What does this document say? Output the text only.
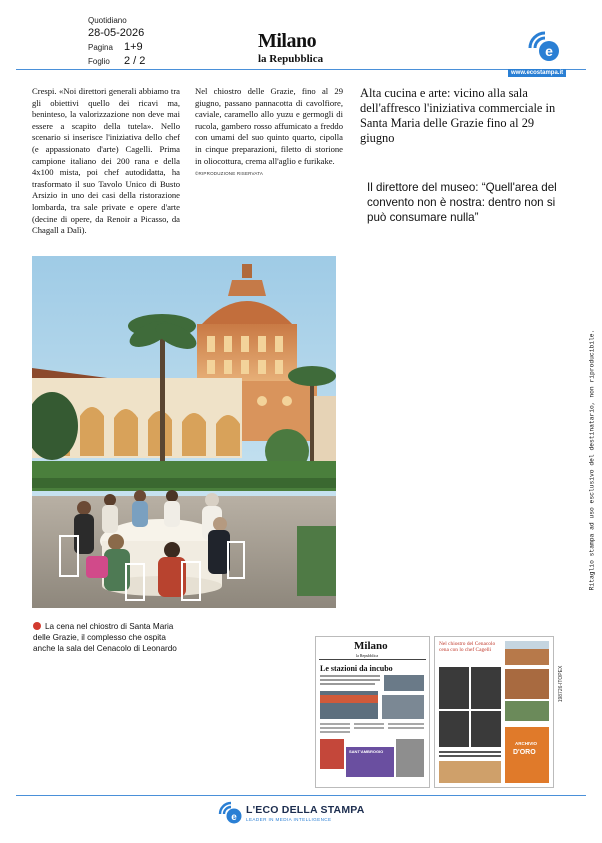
Quotidiano
28-05-2026
Pagina 1+9
Foglio 2 / 2
Milano
la Repubblica	e
www.ecostampa.it
Crespi. «Noi direttori generali abbiamo tra gli obiettivi quello dei ricavi ma, beninteso, la valorizzazione non deve mai essere a scapito della tutela». Nello scenario si inserisce l'iniziativa dello chef (e appassionato d'arte) Cagelli. Prima campione italiano dei 200 rana e della 4x100 mista, poi chef autodidatta, ha trasformato il suo Tavolo Unico di Busto Arsizio in uno dei casi della ristorazione lombarda, tra sale private e opere d'arte (decine di opere, da Renoir a Picasso, da Chagall a Dalì).
Nel chiostro delle Grazie, fino al 29 giugno, passano pannacotta di cavolfiore, caviale, caramello allo yuzu e germogli di rucola, gambero rosso affumicato a freddo con umami del suo quinto quarto, cipolla in cinque preparazioni, filetto di storione in oliocottura, crema all'aglio e furikake.
©RIPRODUZIONE RISERVATA
Alta cucina e arte: vicino alla sala dell'affresco l'iniziativa commerciale in Santa Maria delle Grazie fino al 29 giugno
Il direttore del museo: “Quell'area del convento non è nostra: dentro non si può consumare nulla”
La cena nel chiostro di Santa Maria delle Grazie, il complesso che ospita anche la sala del Cenacolo di Leonardo
Ritaglio stampa ad uso esclusivo del destinatario, non riproducibile.
198726-ITOPEX
Milano
la Repubblica
Le stazioni da incubo
SANT'AMBROGIO
Nel chiostro del Cenacolo cena con lo chef Cagelli
ARCHIVIO
D'ORO
e
L'ECO DELLA STAMPA
LEADER IN MEDIA INTELLIGENCE
